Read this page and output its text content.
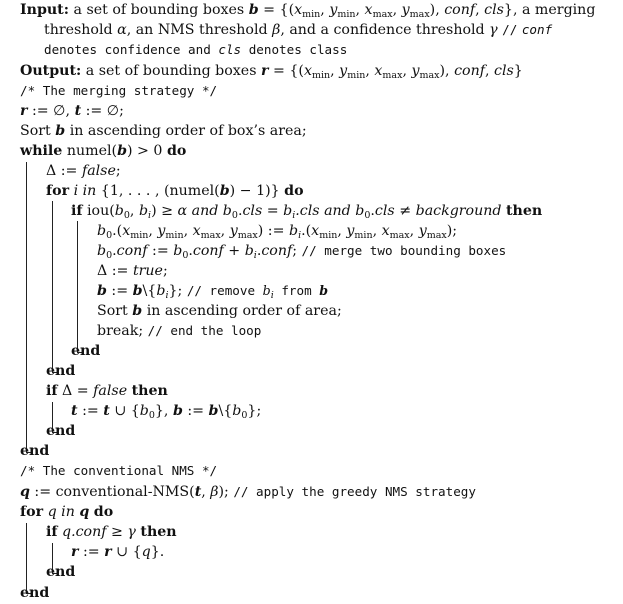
Input: a set of bounding boxes $b = \{(x_{min}$, $y_{min}$, $x_{max}$, $y_{max}$), conf, cls}, a merging
threshold α, an NMS threshold β, and a confidence threshold γ // conf
denotes confidence and cls denotes class
Output: a set of bounding boxes $r = \{(x_{min}$, $y_{min}$, $x_{max}$, $y_{max}$), conf, cls}
/* The merging strategy */
r := ∅, t := ∅;
Sort b in ascending order of box’s area;
while numel(b) > 0 do
Δ := false;
for i in {1, . . . , (numel(b) − 1)} do
if $iou(b_0$, $b_i) \ge \alpha$ and $b_0.cls = b_i.cls$ and $b_0.cls$ ≠ background then
$b_0.(x_{min}$, $y_{min}$, $x_{max}$, $y_{max}$) := $b_i.(x_{min}$, $y_{min}$, $x_{max}$, $y_{max}$);
$b_0.conf$ := $b_0.conf$ + $b_i.conf$; // merge two bounding boxes
Δ := true;
b := $b\backslash\{b_i\}$; // remove $b_i$ from b
Sort b in ascending order of area;
break; // end the loop
end
end
if Δ = false then
t := t ∪ $\{b_0\}$, b := $b\backslash\{b_0\}$;
end
end
/* The conventional NMS */
q := conventional-NMS(t, β); // apply the greedy NMS strategy
for q in q do
if q.conf ≥ γ then
r := r ∪ {q}.
end
end
